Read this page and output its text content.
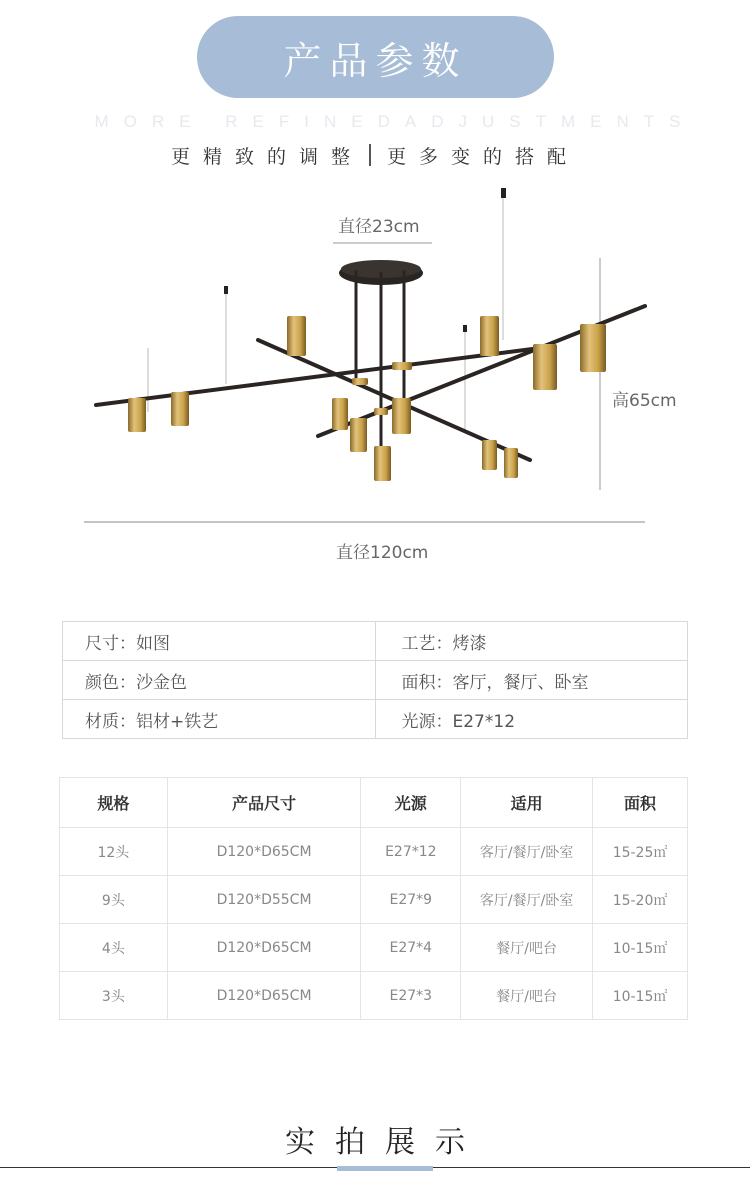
产品参数
MORE REFINEDADJUSTMENTS
更精致的调整 更多变的搭配
直径23cm
高65cm
直径120cm
尺寸：如图	工艺：烤漆
颜色：沙金色	面积：客厅，餐厅、卧室
材质：铝材+铁艺	光源：E27*12
规格	产品尺寸	光源	适用	面积
12头	D120*D65CM	E27*12	客厅/餐厅/卧室	15-25㎡
9头	D120*D55CM	E27*9	客厅/餐厅/卧室	15-20㎡
4头	D120*D65CM	E27*4	餐厅/吧台	10-15㎡
3头	D120*D65CM	E27*3	餐厅/吧台	10-15㎡
实拍展示
